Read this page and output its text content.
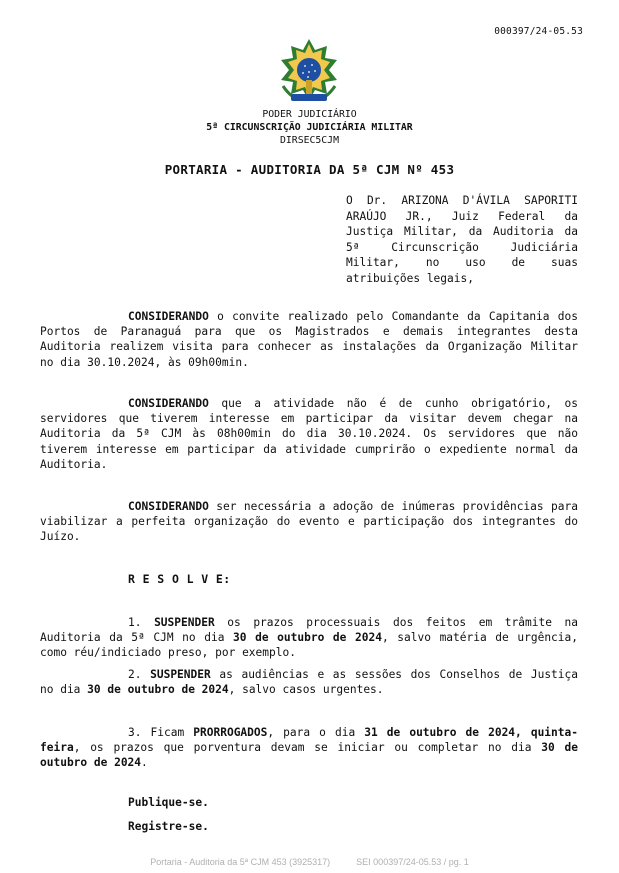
000397/24-05.53
PODER JUDICIÁRIO
5ª CIRCUNSCRIÇÃO JUDICIÁRIA MILITAR
DIRSEC5CJM
PORTARIA - AUDITORIA DA 5ª CJM Nº 453
O Dr. ARIZONA D'ÁVILA SAPORITI ARAÚJO JR., Juiz Federal da Justiça Militar, da Auditoria da 5ª Circunscrição Judiciária Militar, no uso de suas atribuições legais,
CONSIDERANDO o convite realizado pelo Comandante da Capitania dos Portos de Paranaguá para que os Magistrados e demais integrantes desta Auditoria realizem visita para conhecer as instalações da Organização Militar no dia 30.10.2024, às 09h00min.
CONSIDERANDO que a atividade não é de cunho obrigatório, os servidores que tiverem interesse em participar da visitar devem chegar na Auditoria da 5ª CJM às 08h00min do dia 30.10.2024. Os servidores que não tiverem interesse em participar da atividade cumprirão o expediente normal da Auditoria.
CONSIDERANDO ser necessária a adoção de inúmeras providências para viabilizar a perfeita organização do evento e participação dos integrantes do Juízo.
R E S O L V E:
1. SUSPENDER os prazos processuais dos feitos em trâmite na Auditoria da 5ª CJM no dia 30 de outubro de 2024, salvo matéria de urgência, como réu/indiciado preso, por exemplo.
2. SUSPENDER as audiências e as sessões dos Conselhos de Justiça no dia 30 de outubro de 2024, salvo casos urgentes.
3. Ficam PRORROGADOS, para o dia 31 de outubro de 2024, quinta-feira, os prazos que porventura devam se iniciar ou completar no dia 30 de outubro de 2024.
Publique-se.
Registre-se.
Portaria - Auditoria da 5ª CJM 453 (3925317)	SEI 000397/24-05.53 / pg. 1
